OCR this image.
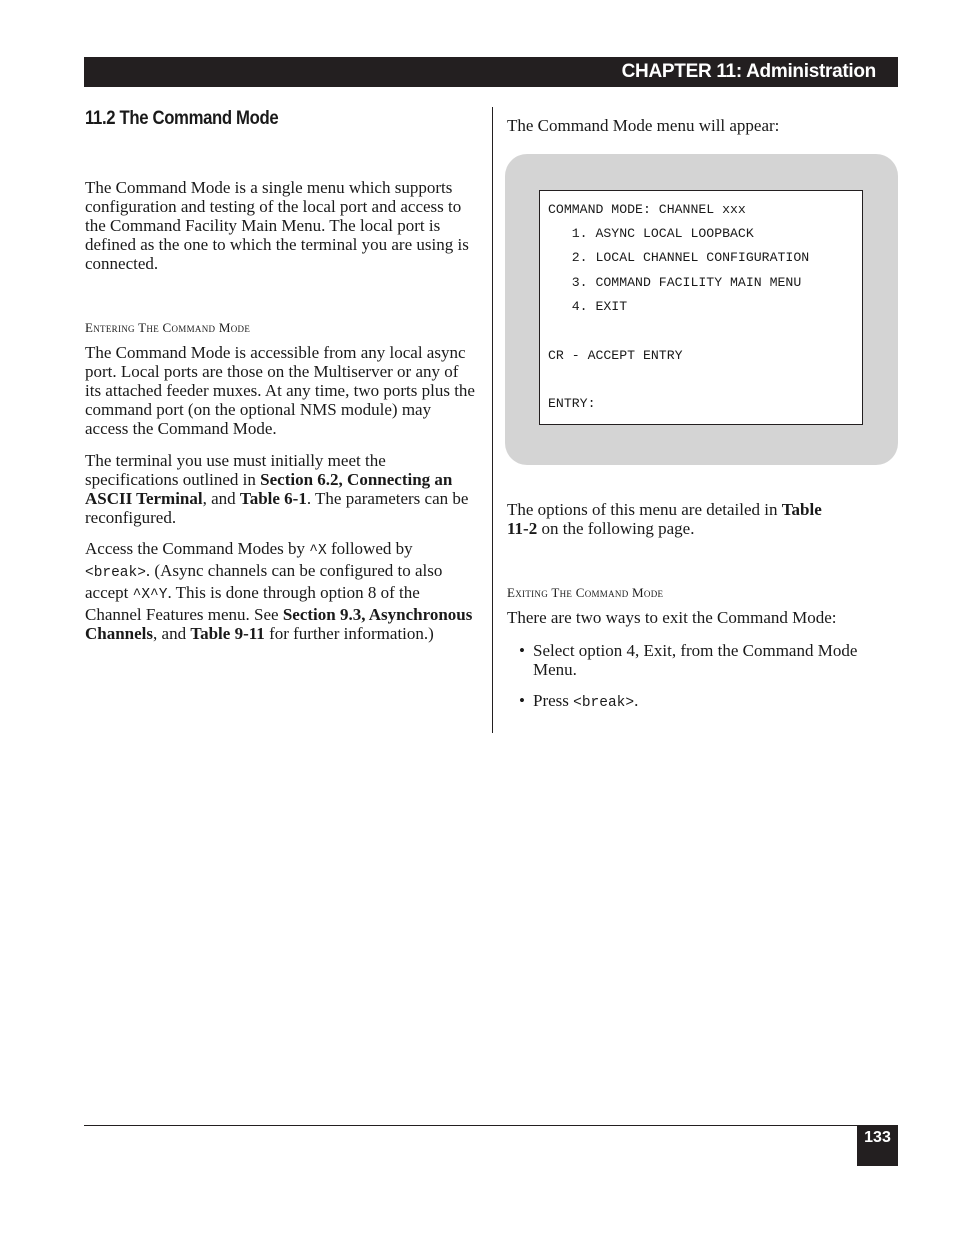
CHAPTER 11: Administration
11.2 The Command Mode

The Command Mode is a single menu which supports configuration and testing of the local port and access to the Command Facility Main Menu. The local port is defined as the one to which the terminal you are using is connected.

Entering The Command Mode

The Command Mode is accessible from any local async port. Local ports are those on the Multiserver or any of its attached feeder muxes. At any time, two ports plus the command port (on the optional NMS module) may access the Command Mode.

The terminal you use must initially meet the specifications outlined in Section 6.2, Connecting an ASCII Terminal, and Table 6-1. The parameters can be reconfigured.

Access the Command Modes by ^X followed by <break>. (Async channels can be configured to also accept ^X^Y. This is done through option 8 of the Channel Features menu. See Section 9.3, Asynchronous Channels, and Table 9-11 for further information.)

The Command Mode menu will appear:

COMMAND MODE: CHANNEL xxx
1. ASYNC LOCAL LOOPBACK
2. LOCAL CHANNEL CONFIGURATION
3. COMMAND FACILITY MAIN MENU
4. EXIT
CR - ACCEPT ENTRY
ENTRY:

The options of this menu are detailed in Table 11-2 on the following page.

Exiting The Command Mode

There are two ways to exit the Command Mode:

• Select option 4, Exit, from the Command Mode Menu.
• Press <break>.
133
